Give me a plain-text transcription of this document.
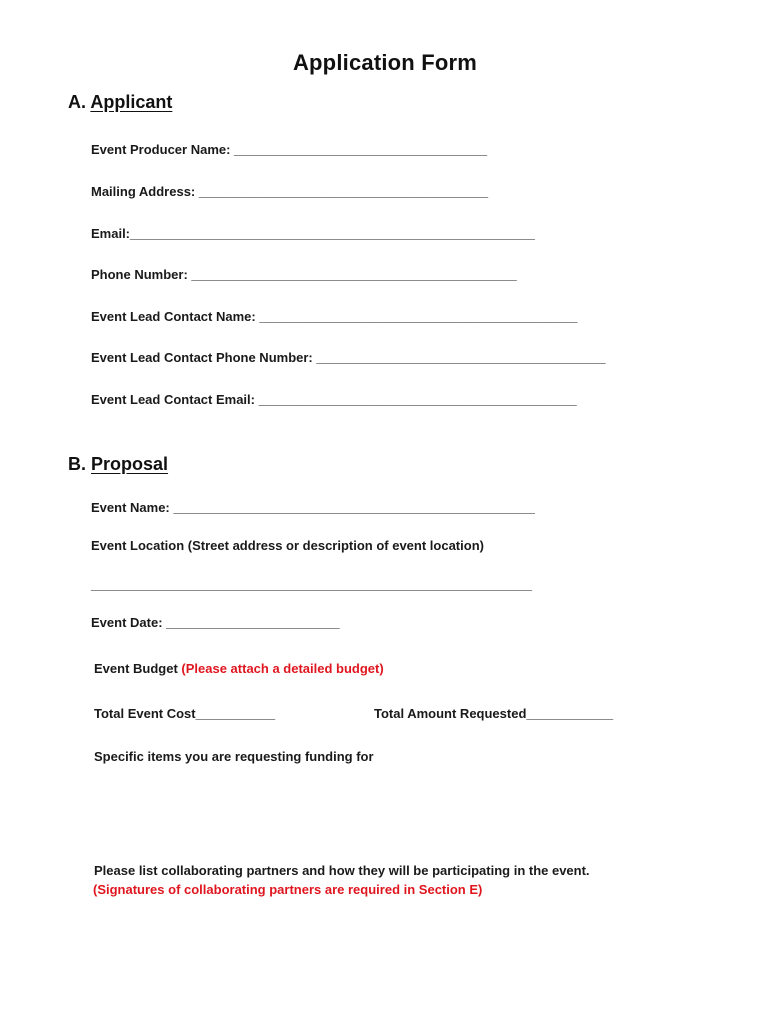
Application Form
A. Applicant
Event Producer Name: ___________________________________
Mailing Address: ________________________________________
Email:________________________________________________________
Phone Number: _____________________________________________
Event Lead Contact Name: ____________________________________________
Event Lead Contact Phone Number: ________________________________________
Event Lead Contact Email: ____________________________________________
B. Proposal
Event Name: __________________________________________________
Event Location (Street address or description of event location)
_____________________________________________________________
Event Date: ________________________
Event Budget (Please attach a detailed budget)
Total Event Cost___________	Total Amount Requested____________
Specific items you are requesting funding for
Please list collaborating partners and how they will be participating in the event.
(Signatures of collaborating partners are required in Section E)
